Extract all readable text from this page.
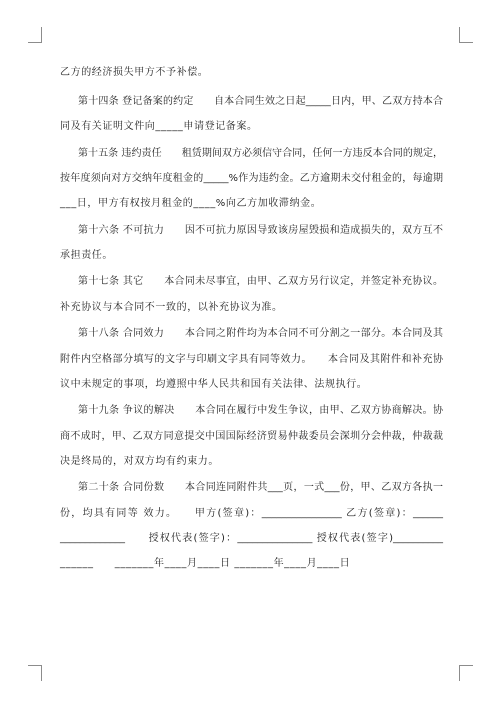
乙方的经济损失甲方不予补偿。
第十四条 登记备案的约定　　自本合同生效之日起_____日内，甲、乙双方持本合
同及有关证明文件向_____申请登记备案。
第十五条 违约责任　　租赁期间双方必须信守合同，任何一方违反本合同的规定，
按年度须向对方交纳年度租金的_____%作为违约金。乙方逾期未交付租金的，每逾期
___日，甲方有权按月租金的____%向乙方加收滞纳金。
第十六条 不可抗力　　因不可抗力原因导致该房屋毁损和造成损失的，双方互不
承担责任。
第十七条 其它　　本合同未尽事宜，由甲、乙双方另行议定，并签定补充协议。
补充协议与本合同不一致的，以补充协议为准。
第十八条 合同效力　　本合同之附件均为本合同不可分割之一部分。本合同及其
附件内空格部分填写的文字与印刷文字具有同等效力。　　本合同及其附件和补充协
议中未规定的事项，均遵照中华人民共和国有关法律、法规执行。
第十九条 争议的解决　　本合同在履行中发生争议，由甲、乙双方协商解决。协
商不成时，甲、乙双方同意提交中国国际经济贸易仲裁委员会深圳分会仲裁，仲裁裁
决是终局的，对双方均有约束力。
第二十条 合同份数　　本合同连同附件共___页，一式___份，甲、乙双方各执一
份，均具有同等 效力。　　甲方(签章)：________________ 乙方(签章)：______
_____________　　授权代表(签字)：_______________ 授权代表(签字)__________
______　　_______年____月____日 _______年____月____日
